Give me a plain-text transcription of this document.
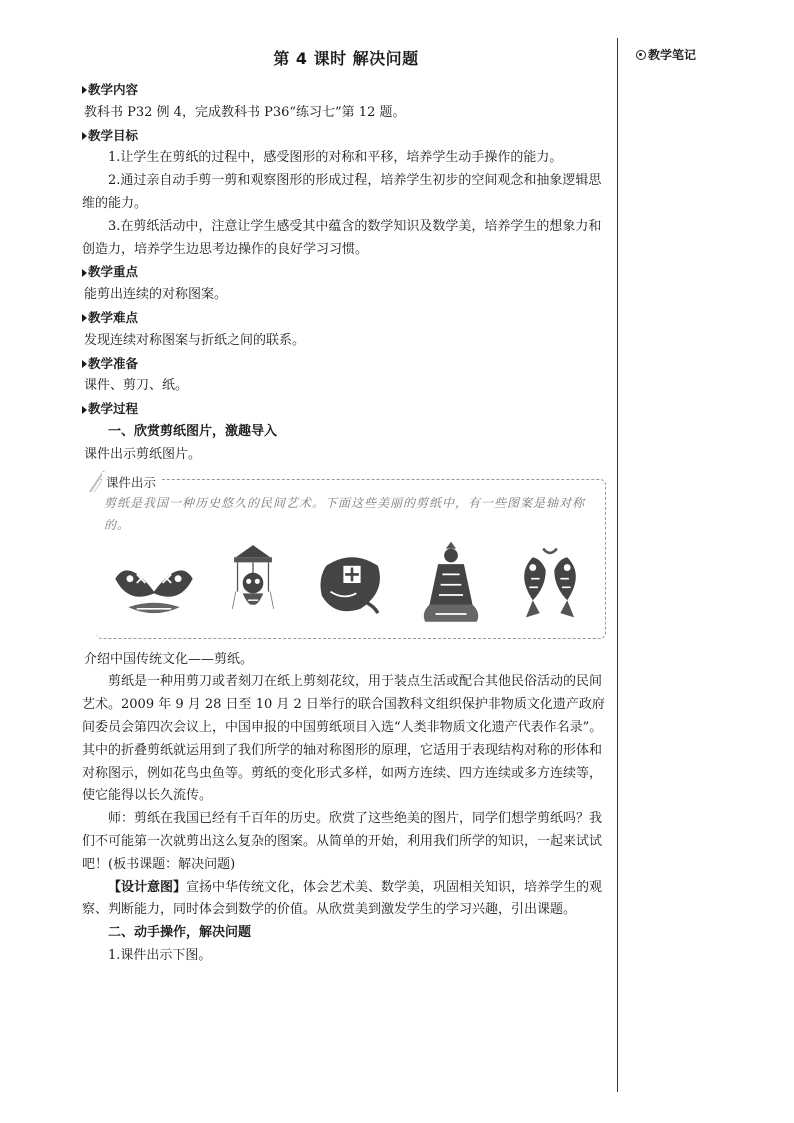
第 4 课时 解决问题
教学内容

教科书 P32 例 4，完成教科书 P36“练习七”第 12 题。

教学目标

1.让学生在剪纸的过程中，感受图形的对称和平移，培养学生动手操作的能力。

2.通过亲自动手剪一剪和观察图形的形成过程，培养学生初步的空间观念和抽象逻辑思维的能力。

3.在剪纸活动中，注意让学生感受其中蕴含的数学知识及数学美，培养学生的想象力和创造力，培养学生边思考边操作的良好学习习惯。

教学重点

能剪出连续的对称图案。

教学难点

发现连续对称图案与折纸之间的联系。

教学准备

课件、剪刀、纸。

教学过程

一、欣赏剪纸图片，激趣导入

课件出示剪纸图片。

课件出示
剪纸是我国一种历史悠久的民间艺术。下面这些美丽的剪纸中，有一些图案是轴对称的。

介绍中国传统文化——剪纸。

剪纸是一种用剪刀或者刻刀在纸上剪刻花纹，用于装点生活或配合其他民俗活动的民间艺术。2009 年 9 月 28 日至 10 月 2 日举行的联合国教科文组织保护非物质文化遗产政府间委员会第四次会议上，中国申报的中国剪纸项目入选“人类非物质文化遗产代表作名录”。其中的折叠剪纸就运用到了我们所学的轴对称图形的原理，它适用于表现结构对称的形体和对称图示，例如花鸟虫鱼等。剪纸的变化形式多样，如两方连续、四方连续或多方连续等，使它能得以长久流传。

师：剪纸在我国已经有千百年的历史。欣赏了这些绝美的图片，同学们想学剪纸吗？我们不可能第一次就剪出这么复杂的图案。从简单的开始，利用我们所学的知识，一起来试试吧！(板书课题：解决问题)

【设计意图】宣扬中华传统文化，体会艺术美、数学美，巩固相关知识，培养学生的观察、判断能力，同时体会到数学的价值。从欣赏美到激发学生的学习兴趣，引出课题。

二、动手操作，解决问题

1.课件出示下图。

教学笔记
